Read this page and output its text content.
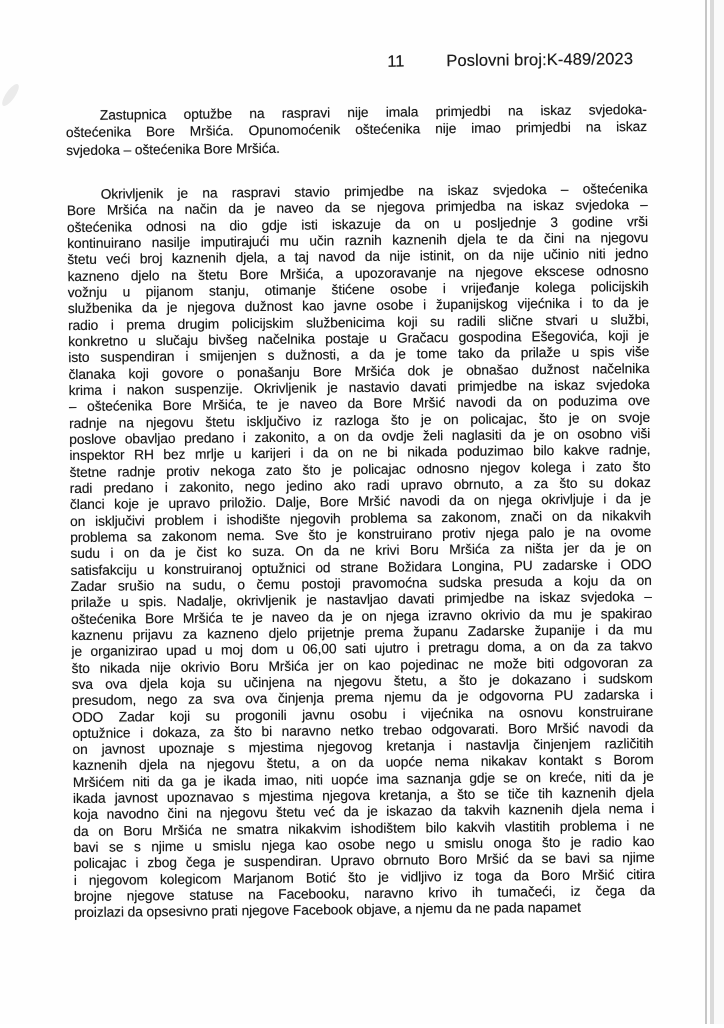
11	Poslovni broj:K-489/2023
Zastupnica optužbe na raspravi nije imala primjedbi na iskaz svjedoka-
oštećenika Bore Mršića. Opunomoćenik oštećenika nije imao primjedbi na iskaz
svjedoka – oštećenika Bore Mršića.
Okrivljenik je na raspravi stavio primjedbe na iskaz svjedoka – oštećenika
Bore Mršića na način da je naveo da se njegova primjedba na iskaz svjedoka –
oštećenika odnosi na dio gdje isti iskazuje da on u posljednje 3 godine vrši
kontinuirano nasilje imputirajući mu učin raznih kaznenih djela te da čini na njegovu
štetu veći broj kaznenih djela, a taj navod da nije istinit, on da nije učinio niti jedno
kazneno djelo na štetu Bore Mršića, a upozoravanje na njegove ekscese odnosno
vožnju u pijanom stanju, otimanje štićene osobe i vrijeđanje kolega policijskih
službenika da je njegova dužnost kao javne osobe i županijskog vijećnika i to da je
radio i prema drugim policijskim službenicima koji su radili slične stvari u službi,
konkretno u slučaju bivšeg načelnika postaje u Gračacu gospodina Ešegovića, koji je
isto suspendiran i smijenjen s dužnosti, a da je tome tako da prilaže u spis više
članaka koji govore o ponašanju Bore Mršića dok je obnašao dužnost načelnika
krima i nakon suspenzije. Okrivljenik je nastavio davati primjedbe na iskaz svjedoka
– oštećenika Bore Mršića, te je naveo da Bore Mršić navodi da on poduzima ove
radnje na njegovu štetu isključivo iz razloga što je on policajac, što je on svoje
poslove obavljao predano i zakonito, a on da ovdje želi naglasiti da je on osobno viši
inspektor RH bez mrlje u karijeri i da on ne bi nikada poduzimao bilo kakve radnje,
štetne radnje protiv nekoga zato što je policajac odnosno njegov kolega i zato što
radi predano i zakonito, nego jedino ako radi upravo obrnuto, a za što su dokaz
članci koje je upravo priložio. Dalje, Bore Mršić navodi da on njega okrivljuje i da je
on isključivi problem i ishodište njegovih problema sa zakonom, znači on da nikakvih
problema sa zakonom nema. Sve što je konstruirano protiv njega palo je na ovome
sudu i on da je čist ko suza. On da ne krivi Boru Mršića za ništa jer da je on
satisfakciju u konstruiranoj optužnici od strane Božidara Longina, PU zadarske i ODO
Zadar srušio na sudu, o čemu postoji pravomoćna sudska presuda a koju da on
prilaže u spis. Nadalje, okrivljenik je nastavljao davati primjedbe na iskaz svjedoka –
oštećenika Bore Mršića te je naveo da je on njega izravno okrivio da mu je spakirao
kaznenu prijavu za kazneno djelo prijetnje prema županu Zadarske županije i da mu
je organizirao upad u moj dom u 06,00 sati ujutro i pretragu doma, a on da za takvo
što nikada nije okrivio Boru Mršića jer on kao pojedinac ne može biti odgovoran za
sva ova djela koja su učinjena na njegovu štetu, a što je dokazano i sudskom
presudom, nego za sva ova činjenja prema njemu da je odgovorna PU zadarska i
ODO Zadar koji su progonili javnu osobu i vijećnika na osnovu konstruirane
optužnice i dokaza, za što bi naravno netko trebao odgovarati. Boro Mršić navodi da
on javnost upoznaje s mjestima njegovog kretanja i nastavlja činjenjem različitih
kaznenih djela na njegovu štetu, a on da uopće nema nikakav kontakt s Borom
Mršićem niti da ga je ikada imao, niti uopće ima saznanja gdje se on kreće, niti da je
ikada javnost upoznavao s mjestima njegova kretanja, a što se tiče tih kaznenih djela
koja navodno čini na njegovu štetu već da je iskazao da takvih kaznenih djela nema i
da on Boru Mršića ne smatra nikakvim ishodištem bilo kakvih vlastitih problema i ne
bavi se s njime u smislu njega kao osobe nego u smislu onoga što je radio kao
policajac i zbog čega je suspendiran. Upravo obrnuto Boro Mršić da se bavi sa njime
i njegovom kolegicom Marjanom Botić što je vidljivo iz toga da Boro Mršić citira
brojne njegove statuse na Facebooku, naravno krivo ih tumačeći, iz čega da
proizlazi da opsesivno prati njegove Facebook objave, a njemu da ne pada napamet
